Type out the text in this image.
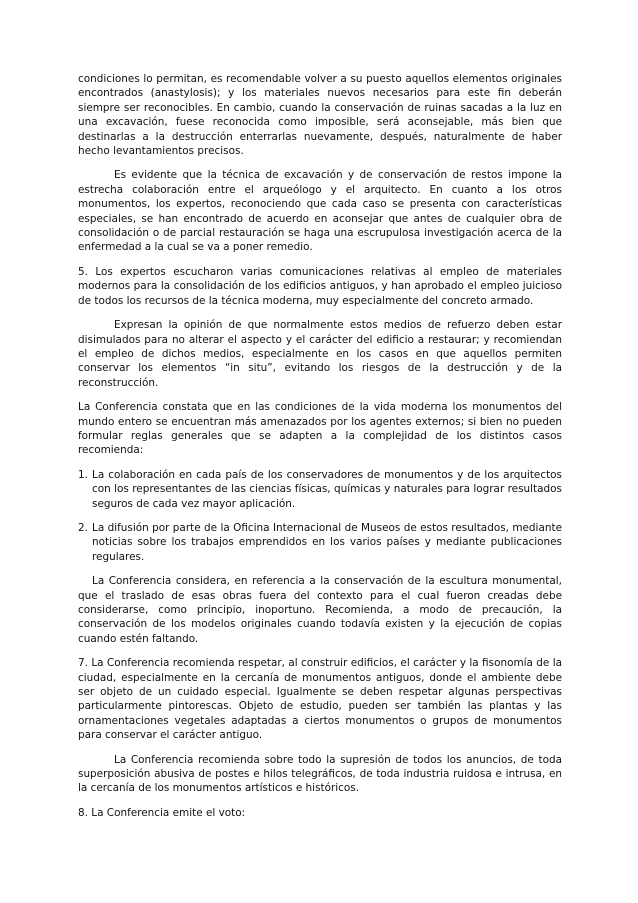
condiciones lo permitan, es recomendable volver a su puesto aquellos elementos originales encontrados (anastylosis); y los materiales nuevos necesarios para este fin deberán siempre ser reconocibles. En cambio, cuando la conservación de ruinas sacadas a la luz en una excavación, fuese reconocida como imposible, será aconsejable, más bien que destinarlas a la destrucción enterrarlas nuevamente, después, naturalmente de haber hecho levantamientos precisos.

Es evidente que la técnica de excavación y de conservación de restos impone la estrecha colaboración entre el arqueólogo y el arquitecto. En cuanto a los otros monumentos, los expertos, reconociendo que cada caso se presenta con características especiales, se han encontrado de acuerdo en aconsejar que antes de cualquier obra de consolidación o de parcial restauración se haga una escrupulosa investigación acerca de la enfermedad a la cual se va a poner remedio.

5. Los expertos escucharon varias comunicaciones relativas al empleo de materiales modernos para la consolidación de los edificios antiguos, y han aprobado el empleo juicioso de todos los recursos de la técnica moderna, muy especialmente del concreto armado.

Expresan la opinión de que normalmente estos medios de refuerzo deben estar disimulados para no alterar el aspecto y el carácter del edificio a restaurar; y recomiendan el empleo de dichos medios, especialmente en los casos en que aquellos permiten conservar los elementos “in situ”, evitando los riesgos de la destrucción y de la reconstrucción.

La Conferencia constata que en las condiciones de la vida moderna los monumentos del mundo entero se encuentran más amenazados por los agentes externos; si bien no pueden formular reglas generales que se adapten a la complejidad de los distintos casos recomienda:

1. La colaboración en cada país de los conservadores de monumentos y de los arquitectos con los representantes de las ciencias físicas, químicas y naturales para lograr resultados seguros de cada vez mayor aplicación.
2. La difusión por parte de la Oficina Internacional de Museos de estos resultados, mediante noticias sobre los trabajos emprendidos en los varios países y mediante publicaciones regulares.

La Conferencia considera, en referencia a la conservación de la escultura monumental, que el traslado de esas obras fuera del contexto para el cual fueron creadas debe considerarse, como principio, inoportuno. Recomienda, a modo de precaución, la conservación de los modelos originales cuando todavía existen y la ejecución de copias cuando estén faltando.

7. La Conferencia recomienda respetar, al construir edificios, el carácter y la fisonomía de la ciudad, especialmente en la cercanía de monumentos antiguos, donde el ambiente debe ser objeto de un cuidado especial. Igualmente se deben respetar algunas perspectivas particularmente pintorescas. Objeto de estudio, pueden ser también las plantas y las ornamentaciones vegetales adaptadas a ciertos monumentos o grupos de monumentos para conservar el carácter antiguo.

La Conferencia recomienda sobre todo la supresión de todos los anuncios, de toda superposición abusiva de postes e hilos telegráficos, de toda industria ruidosa e intrusa, en la cercanía de los monumentos artísticos e históricos.

8. La Conferencia emite el voto:
